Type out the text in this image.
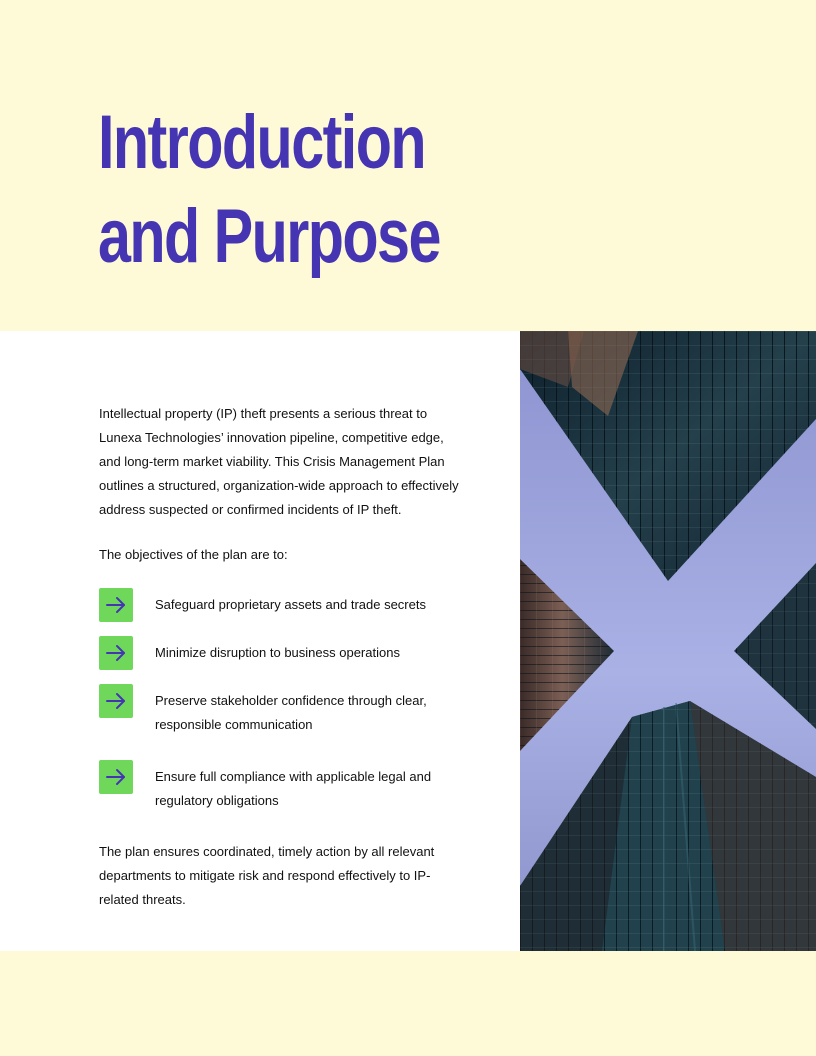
Introduction
and Purpose

Intellectual property (IP) theft presents a serious threat to Lunexa Technologies’ innovation pipeline, competitive edge, and long-term market viability. This Crisis Management Plan outlines a structured, organization-wide approach to effectively address suspected or confirmed incidents of IP theft.

The objectives of the plan are to:

Safeguard proprietary assets and trade secrets
Minimize disruption to business operations
Preserve stakeholder confidence through clear, responsible communication
Ensure full compliance with applicable legal and regulatory obligations

The plan ensures coordinated, timely action by all relevant departments to mitigate risk and respond effectively to IP-related threats.
